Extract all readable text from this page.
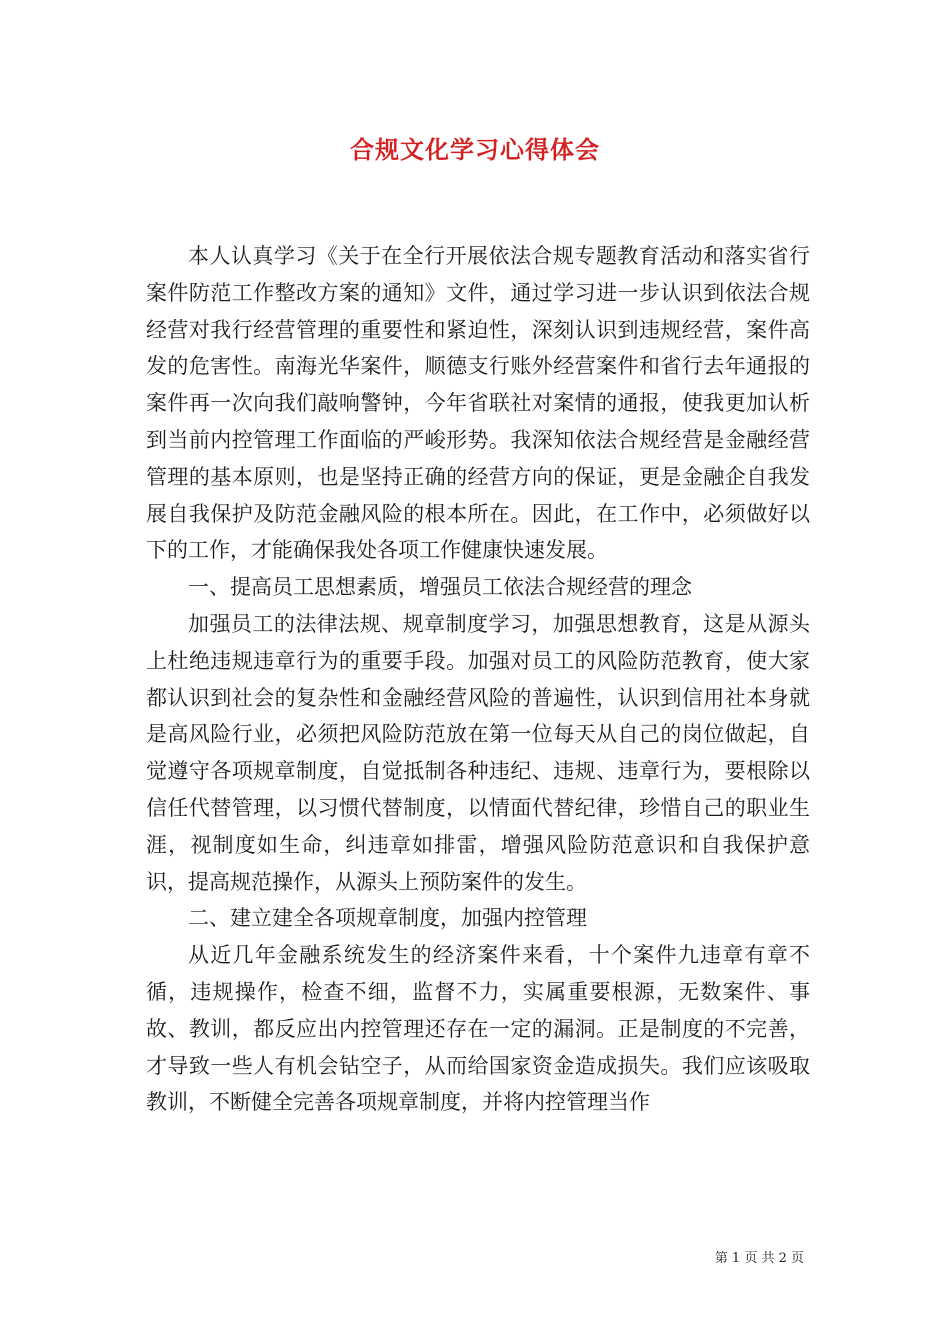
合规文化学习心得体会

本人认真学习《关于在全行开展依法合规专题教育活动和落实省行案件防范工作整改方案的通知》文件，通过学习进一步认识到依法合规经营对我行经营管理的重要性和紧迫性，深刻认识到违规经营，案件高发的危害性。南海光华案件，顺德支行账外经营案件和省行去年通报的案件再一次向我们敲响警钟，今年省联社对案情的通报，使我更加认析到当前内控管理工作面临的严峻形势。我深知依法合规经营是金融经营管理的基本原则，也是坚持正确的经营方向的保证，更是金融企自我发展自我保护及防范金融风险的根本所在。因此，在工作中，必须做好以下的工作，才能确保我处各项工作健康快速发展。

一、提高员工思想素质，增强员工依法合规经营的理念

加强员工的法律法规、规章制度学习，加强思想教育，这是从源头上杜绝违规违章行为的重要手段。加强对员工的风险防范教育，使大家都认识到社会的复杂性和金融经营风险的普遍性，认识到信用社本身就是高风险行业，必须把风险防范放在第一位每天从自己的岗位做起，自觉遵守各项规章制度，自觉抵制各种违纪、违规、违章行为，要根除以信任代替管理，以习惯代替制度，以情面代替纪律，珍惜自己的职业生涯，视制度如生命，纠违章如排雷，增强风险防范意识和自我保护意识，提高规范操作，从源头上预防案件的发生。

二、建立建全各项规章制度，加强内控管理

从近几年金融系统发生的经济案件来看，十个案件九违章有章不循，违规操作，检查不细，监督不力，实属重要根源，无数案件、事故、教训，都反应出内控管理还存在一定的漏洞。正是制度的不完善，才导致一些人有机会钻空子，从而给国家资金造成损失。我们应该吸取教训，不断健全完善各项规章制度，并将内控管理当作

第 1 页 共 2 页
